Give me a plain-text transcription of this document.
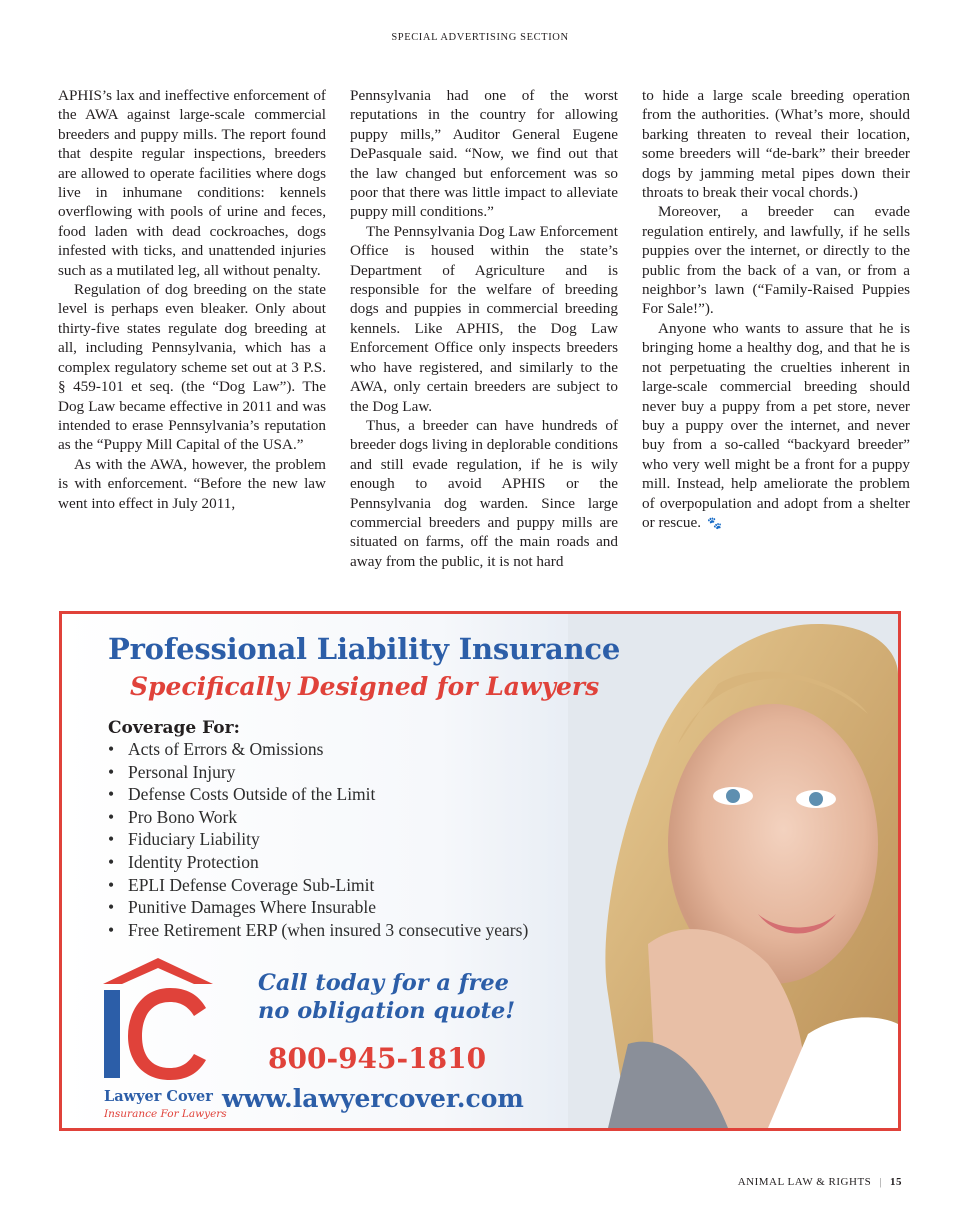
SPECIAL ADVERTISING SECTION

APHIS’s lax and ineffective enforcement of the AWA against large-scale commercial breeders and puppy mills. The report found that despite regular inspections, breeders are allowed to operate facilities where dogs live in inhumane conditions: kennels overflowing with pools of urine and feces, food laden with dead cockroaches, dogs infested with ticks, and unattended injuries such as a mutilated leg, all without penalty.

Regulation of dog breeding on the state level is perhaps even bleaker. Only about thirty-five states regulate dog breeding at all, including Pennsylvania, which has a complex regulatory scheme set out at 3 P.S. § 459-101 et seq. (the “Dog Law”). The Dog Law became effective in 2011 and was intended to erase Pennsylvania’s reputation as the “Puppy Mill Capital of the USA.”

As with the AWA, however, the problem is with enforcement. “Before the new law went into effect in July 2011,

Pennsylvania had one of the worst reputations in the country for allowing puppy mills,” Auditor General Eugene DePasquale said. “Now, we find out that the law changed but enforcement was so poor that there was little impact to alleviate puppy mill conditions.”

The Pennsylvania Dog Law Enforcement Office is housed within the state’s Department of Agriculture and is responsible for the welfare of breeding dogs and puppies in commercial breeding kennels. Like APHIS, the Dog Law Enforcement Office only inspects breeders who have registered, and similarly to the AWA, only certain breeders are subject to the Dog Law.

Thus, a breeder can have hundreds of breeder dogs living in deplorable conditions and still evade regulation, if he is wily enough to avoid APHIS or the Pennsylvania dog warden. Since large commercial breeders and puppy mills are situated on farms, off the main roads and away from the public, it is not hard

to hide a large scale breeding operation from the authorities. (What’s more, should barking threaten to reveal their location, some breeders will “de-bark” their breeder dogs by jamming metal pipes down their throats to break their vocal chords.)

Moreover, a breeder can evade regulation entirely, and lawfully, if he sells puppies over the internet, or directly to the public from the back of a van, or from a neighbor’s lawn (“Family-Raised Puppies For Sale!”).

Anyone who wants to assure that he is bringing home a healthy dog, and that he is not perpetuating the cruelties inherent in large-scale commercial breeding should never buy a puppy from a pet store, never buy a puppy over the internet, and never buy from a so-called “backyard breeder” who very well might be a front for a puppy mill. Instead, help ameliorate the problem of overpopulation and adopt from a shelter or rescue. 🐾

Professional Liability Insurance
Specifically Designed for Lawyers
Coverage For:
• Acts of Errors & Omissions
• Personal Injury
• Defense Costs Outside of the Limit
• Pro Bono Work
• Fiduciary Liability
• Identity Protection
• EPLI Defense Coverage Sub-Limit
• Punitive Damages Where Insurable
• Free Retirement ERP (when insured 3 consecutive years)
Lawyer Cover
Insurance For Lawyers
Call today for a free
no obligation quote!
800-945-1810
www.lawyercover.com
ANIMAL LAW & RIGHTS | 15
